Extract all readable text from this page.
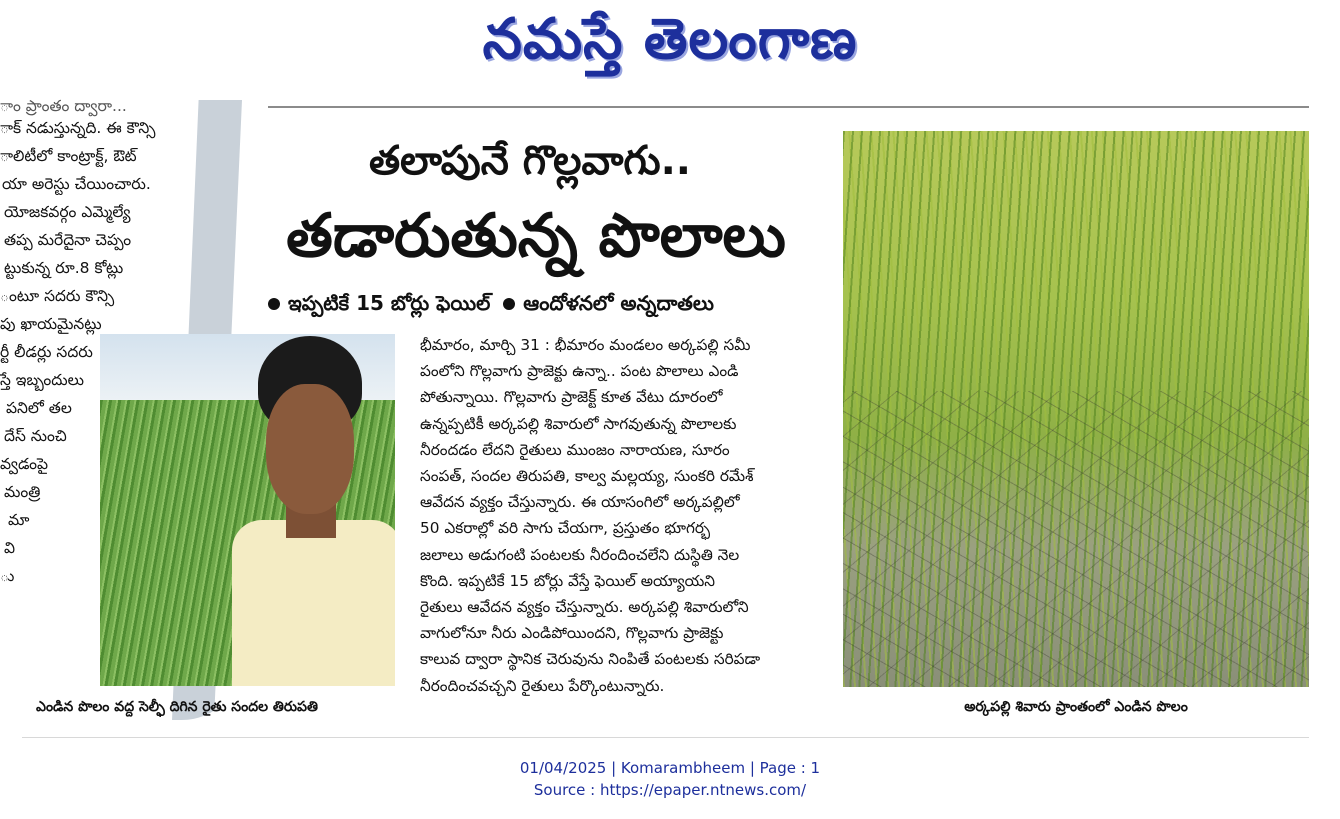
నమస్తే తెలంగాణ
ాం ప్రాంతం ద్వారా...
ాక్ నడుస్తున్నది. ఈ కౌన్సి
ాలిటీలో కాంట్రాక్ట్, ఔట్
యా అరెస్టు చేయించారు.
యోజకవర్గం ఎమ్మెల్యే
తప్ప మరేదైనా చెప్పం
ట్టుకున్న రూ.8 కోట్లు
ంటూ సదరు కౌన్సి
పు ఖాయమైనట్లు
ర్టీ లీడర్లు సదరు
స్తే ఇబ్బందులు
పనిలో తల
దేస్ నుంచి
వ్వడంపై
మంత్రి
మా
వి
ు
తలాపునే గొల్లవాగు..
తడారుతున్న పొలాలు
ఇప్పటికే 15 బోర్లు ఫెయిల్ ఆందోళనలో అన్నదాతలు
ఎండిన పొలం వద్ద సెల్ఫీ దిగిన రైతు సందల తిరుపతి
భీమారం, మార్చి 31 : భీమారం మండలం అర్కపల్లి సమీ
పంలోని గొల్లవాగు ప్రాజెక్టు ఉన్నా.. పంట పొలాలు ఎండి
పోతున్నాయి. గొల్లవాగు ప్రాజెక్ట్ కూత వేటు దూరంలో
ఉన్నప్పటికీ అర్కపల్లి శివారులో సాగవుతున్న పొలాలకు
నీరందడం లేదని రైతులు ముంజం నారాయణ, సూరం
సంపత్, సందల తిరుపతి, కాల్వ మల్లయ్య, సుంకరి రమేశ్
ఆవేదన వ్యక్తం చేస్తున్నారు. ఈ యాసంగిలో అర్కపల్లిలో
50 ఎకరాల్లో వరి సాగు చేయగా, ప్రస్తుతం భూగర్భ
జలాలు అడుగంటి పంటలకు నీరందించలేని దుస్థితి నెల
కొంది. ఇప్పటికే 15 బోర్లు వేస్తే ఫెయిల్ అయ్యాయని
రైతులు ఆవేదన వ్యక్తం చేస్తున్నారు. అర్కపల్లి శివారులోని
వాగులోనూ నీరు ఎండిపోయిందని, గొల్లవాగు ప్రాజెక్టు
కాలువ ద్వారా స్థానిక చెరువును నింపితే పంటలకు సరిపడా
నీరందించవచ్చని రైతులు పేర్కొంటున్నారు.
అర్కపల్లి శివారు ప్రాంతంలో ఎండిన పొలం
01/04/2025 | Komarambheem | Page : 1
Source : https://epaper.ntnews.com/
